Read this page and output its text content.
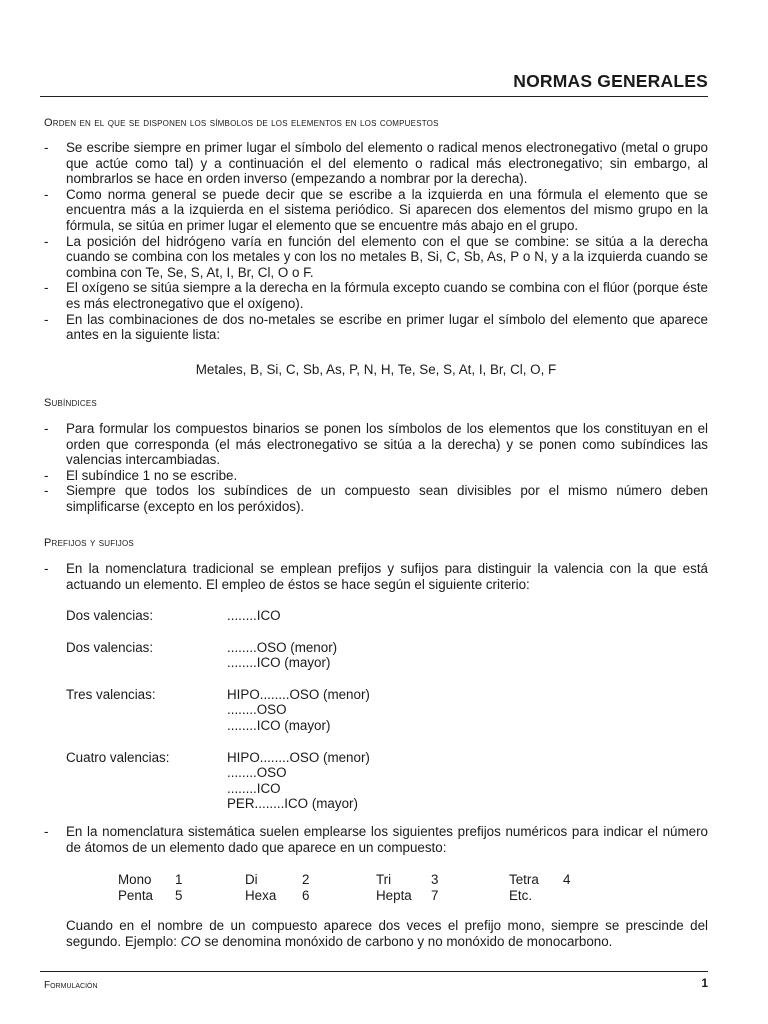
NORMAS GENERALES
Orden en el que se disponen los símbolos de los elementos en los compuestos
- Se escribe siempre en primer lugar el símbolo del elemento o radical menos electronegativo (metal o grupo que actúe como tal) y a continuación el del elemento o radical más electronegativo; sin embargo, al nombrarlos se hace en orden inverso (empezando a nombrar por la derecha).
- Como norma general se puede decir que se escribe a la izquierda en una fórmula el elemento que se encuentra más a la izquierda en el sistema periódico. Si aparecen dos elementos del mismo grupo en la fórmula, se sitúa en primer lugar el elemento que se encuentre más abajo en el grupo.
- La posición del hidrógeno varía en función del elemento con el que se combine: se sitúa a la derecha cuando se combina con los metales y con los no metales B, Si, C, Sb, As, P o N, y a la izquierda cuando se combina con Te, Se, S, At, I, Br, Cl, O o F.
- El oxígeno se sitúa siempre a la derecha en la fórmula excepto cuando se combina con el flúor (porque éste es más electronegativo que el oxígeno).
- En las combinaciones de dos no-metales se escribe en primer lugar el símbolo del elemento que aparece antes en la siguiente lista:

Metales, B, Si, C, Sb, As, P, N, H, Te, Se, S, At, I, Br, Cl, O, F

Subíndices
- Para formular los compuestos binarios se ponen los símbolos de los elementos que los constituyan en el orden que corresponda (el más electronegativo se sitúa a la derecha) y se ponen como subíndices las valencias intercambiadas.
- El subíndice 1 no se escribe.
- Siempre que todos los subíndices de un compuesto sean divisibles por el mismo número deben simplificarse (excepto en los peróxidos).
Prefijos y sufijos
- En la nomenclatura tradicional se emplean prefijos y sufijos para distinguir la valencia con la que está actuando un elemento. El empleo de éstos se hace según el siguiente criterio:
Dos valencias:	........ICO

Dos valencias:	........OSO (menor)
	........ICO (mayor)

Tres valencias:	HIPO........OSO (menor)
	........OSO
	........ICO (mayor)

Cuatro valencias:	HIPO........OSO (menor)
	........OSO
	........ICO
	PER........ICO (mayor)
- En la nomenclatura sistemática suelen emplearse los siguientes prefijos numéricos para indicar el número de átomos de un elemento dado que aparece en un compuesto:
Mono	1	Di	2	Tri	3	Tetra	4
Penta	5	Hexa	6	Hepta	7	Etc.	

Cuando en el nombre de un compuesto aparece dos veces el prefijo mono, siempre se prescinde del segundo. Ejemplo: CO se denomina monóxido de carbono y no monóxido de monocarbono.

Formulación	1
